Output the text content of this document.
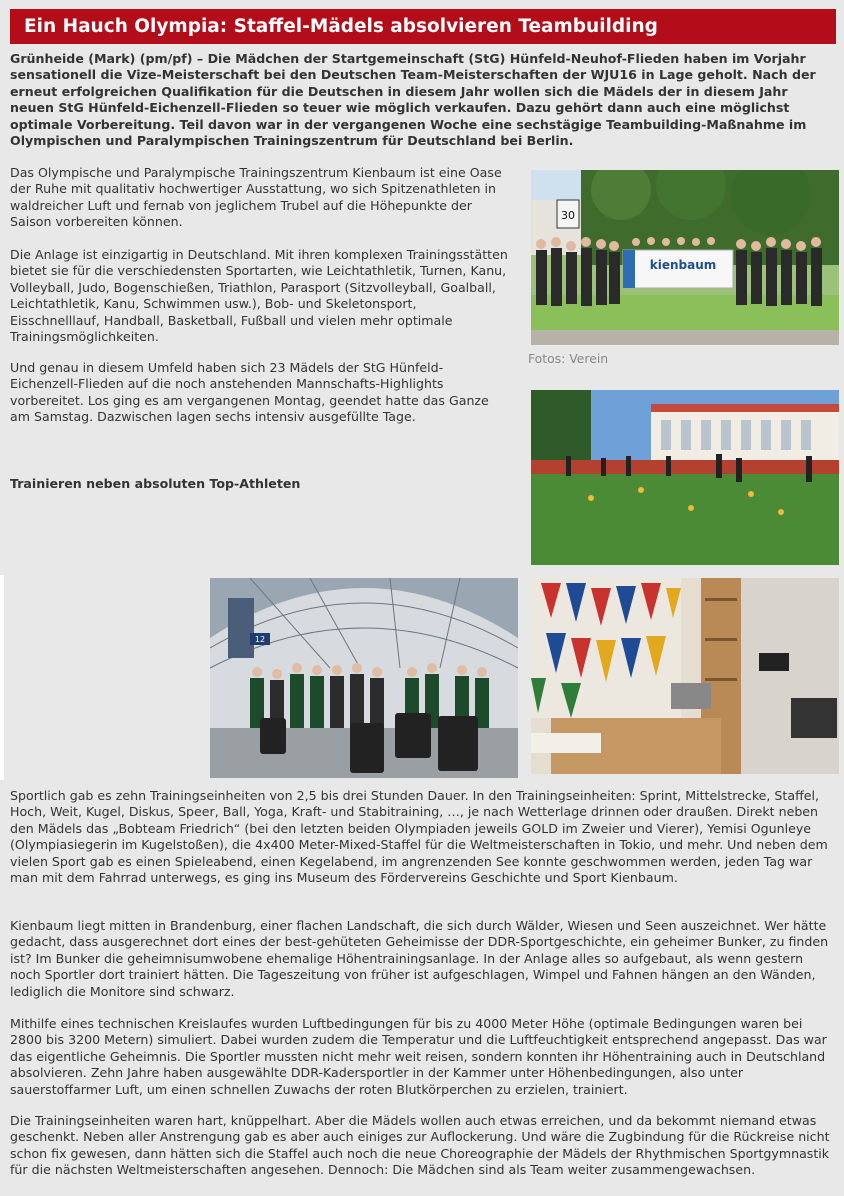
Ein Hauch Olympia: Staffel-Mädels absolvieren Teambuilding

Grünheide (Mark) (pm/pf) – Die Mädchen der Startgemeinschaft (StG) Hünfeld-Neuhof-Flieden haben im Vorjahr sensationell die Vize-Meisterschaft bei den Deutschen Team-Meisterschaften der WJU16 in Lage geholt. Nach der erneut erfolgreichen Qualifikation für die Deutschen in diesem Jahr wollen sich die Mädels der in diesem Jahr neuen StG Hünfeld-Eichenzell-Flieden so teuer wie möglich verkaufen. Dazu gehört dann auch eine möglichst optimale Vorbereitung. Teil davon war in der vergangenen Woche eine sechstägige Teambuilding-Maßnahme im Olympischen und Paralympischen Trainingszentrum für Deutschland bei Berlin.

Das Olympische und Paralympische Trainingszentrum Kienbaum ist eine Oase der Ruhe mit qualitativ hochwertiger Ausstattung, wo sich Spitzenathleten in waldreicher Luft und fernab von jeglichem Trubel auf die Höhepunkte der Saison vorbereiten können.

Die Anlage ist einzigartig in Deutschland. Mit ihren komplexen Trainingsstätten bietet sie für die verschiedensten Sportarten, wie Leichtathletik, Turnen, Kanu, Volleyball, Judo, Bogenschießen, Triathlon, Parasport (Sitzvolleyball, Goalball, Leichtathletik, Kanu, Schwimmen usw.), Bob- und Skeletonsport, Eisschnelllauf, Handball, Basketball, Fußball und vielen mehr optimale Trainingsmöglichkeiten.

Und genau in diesem Umfeld haben sich 23 Mädels der StG Hünfeld-Eichenzell-Flieden auf die noch anstehenden Mannschafts-Highlights vorbereitet. Los ging es am vergangenen Montag, geendet hatte das Ganze am Samstag. Dazwischen lagen sechs intensiv ausgefüllte Tage.

Trainieren neben absoluten Top-Athleten

30
kienbaum
Fotos: Verein
12

Sportlich gab es zehn Trainingseinheiten von 2,5 bis drei Stunden Dauer. In den Trainingseinheiten: Sprint, Mittelstrecke, Staffel, Hoch, Weit, Kugel, Diskus, Speer, Ball, Yoga, Kraft- und Stabitraining, …, je nach Wetterlage drinnen oder draußen. Direkt neben den Mädels das „Bobteam Friedrich“ (bei den letzten beiden Olympiaden jeweils GOLD im Zweier und Vierer), Yemisi Ogunleye (Olympiasiegerin im Kugelstoßen), die 4x400 Meter-Mixed-Staffel für die Weltmeisterschaften in Tokio, und mehr. Und neben dem vielen Sport gab es einen Spieleabend, einen Kegelabend, im angrenzenden See konnte geschwommen werden, jeden Tag war man mit dem Fahrrad unterwegs, es ging ins Museum des Fördervereins Geschichte und Sport Kienbaum.

Kienbaum liegt mitten in Brandenburg, einer flachen Landschaft, die sich durch Wälder, Wiesen und Seen auszeichnet. Wer hätte gedacht, dass ausgerechnet dort eines der best-gehüteten Geheimisse der DDR-Sportgeschichte, ein geheimer Bunker, zu finden ist? Im Bunker die geheimnisumwobene ehemalige Höhentrainingsanlage. In der Anlage alles so aufgebaut, als wenn gestern noch Sportler dort trainiert hätten. Die Tageszeitung von früher ist aufgeschlagen, Wimpel und Fahnen hängen an den Wänden, lediglich die Monitore sind schwarz.

Mithilfe eines technischen Kreislaufes wurden Luftbedingungen für bis zu 4000 Meter Höhe (optimale Bedingungen waren bei 2800 bis 3200 Metern) simuliert. Dabei wurden zudem die Temperatur und die Luftfeuchtigkeit entsprechend angepasst. Das war das eigentliche Geheimnis. Die Sportler mussten nicht mehr weit reisen, sondern konnten ihr Höhentraining auch in Deutschland absolvieren. Zehn Jahre haben ausgewählte DDR-Kadersportler in der Kammer unter Höhenbedingungen, also unter sauerstoffarmer Luft, um einen schnellen Zuwachs der roten Blutkörperchen zu erzielen, trainiert.

Die Trainingseinheiten waren hart, knüppelhart. Aber die Mädels wollen auch etwas erreichen, und da bekommt niemand etwas geschenkt. Neben aller Anstrengung gab es aber auch einiges zur Auflockerung. Und wäre die Zugbindung für die Rückreise nicht schon fix gewesen, dann hätten sich die Staffel auch noch die neue Choreographie der Mädels der Rhythmischen Sportgymnastik für die nächsten Weltmeisterschaften angesehen. Dennoch: Die Mädchen sind als Team weiter zusammengewachsen.
